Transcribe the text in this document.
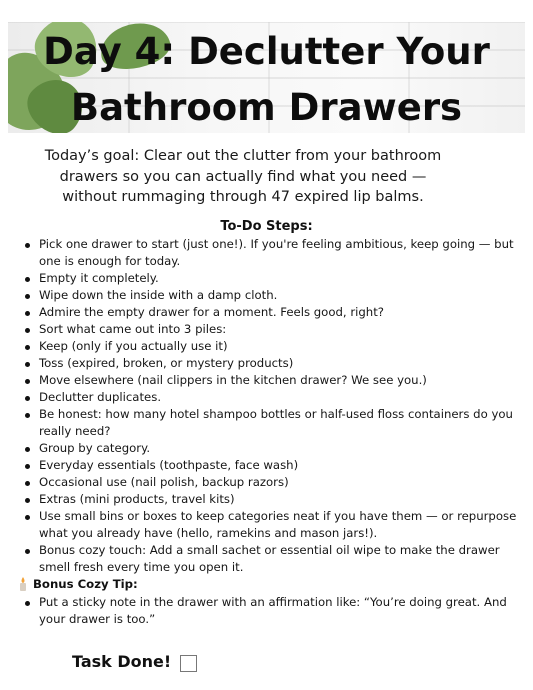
Day 4: Declutter Your
Bathroom Drawers
Today’s goal: Clear out the clutter from your bathroom drawers so you can actually find what you need — without rummaging through 47 expired lip balms.
To-Do Steps:
Pick one drawer to start (just one!). If you're feeling ambitious, keep going — but one is enough for today.
Empty it completely.
Wipe down the inside with a damp cloth.
Admire the empty drawer for a moment. Feels good, right?
Sort what came out into 3 piles:
Keep (only if you actually use it)
Toss (expired, broken, or mystery products)
Move elsewhere (nail clippers in the kitchen drawer? We see you.)
Declutter duplicates.
Be honest: how many hotel shampoo bottles or half-used floss containers do you really need?
Group by category.
Everyday essentials (toothpaste, face wash)
Occasional use (nail polish, backup razors)
Extras (mini products, travel kits)
Use small bins or boxes to keep categories neat if you have them — or repurpose what you already have (hello, ramekins and mason jars!).
Bonus cozy touch: Add a small sachet or essential oil wipe to make the drawer smell fresh every time you open it.
Bonus Cozy Tip:
Put a sticky note in the drawer with an affirmation like: “You’re doing great. And your drawer is too.”
Task Done!
